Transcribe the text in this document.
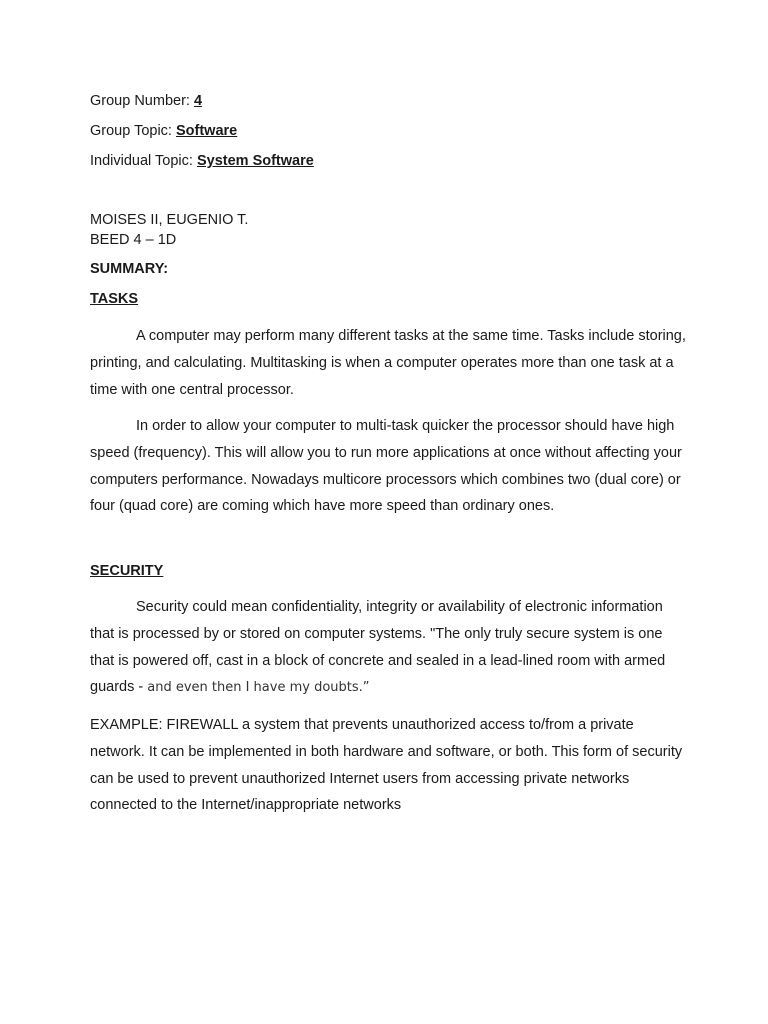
Group Number: 4
Group Topic: Software
Individual Topic: System Software
MOISES II, EUGENIO T.
BEED 4 – 1D
SUMMARY:
TASKS

A computer may perform many different tasks at the same time. Tasks include storing, printing, and calculating. Multitasking is when a computer operates more than one task at a time with one central processor.

In order to allow your computer to multi-task quicker the processor should have high speed (frequency). This will allow you to run more applications at once without affecting your computers performance. Nowadays multicore processors which combines two (dual core) or four (quad core) are coming which have more speed than ordinary ones.

SECURITY

Security could mean confidentiality, integrity or availability of electronic information that is processed by or stored on computer systems. "The only truly secure system is one that is powered off, cast in a block of concrete and sealed in a lead-lined room with armed guards - and even then I have my doubts.”

EXAMPLE: FIREWALL a system that prevents unauthorized access to/from a private network. It can be implemented in both hardware and software, or both. This form of security can be used to prevent unauthorized Internet users from accessing private networks connected to the Internet/inappropriate networks
